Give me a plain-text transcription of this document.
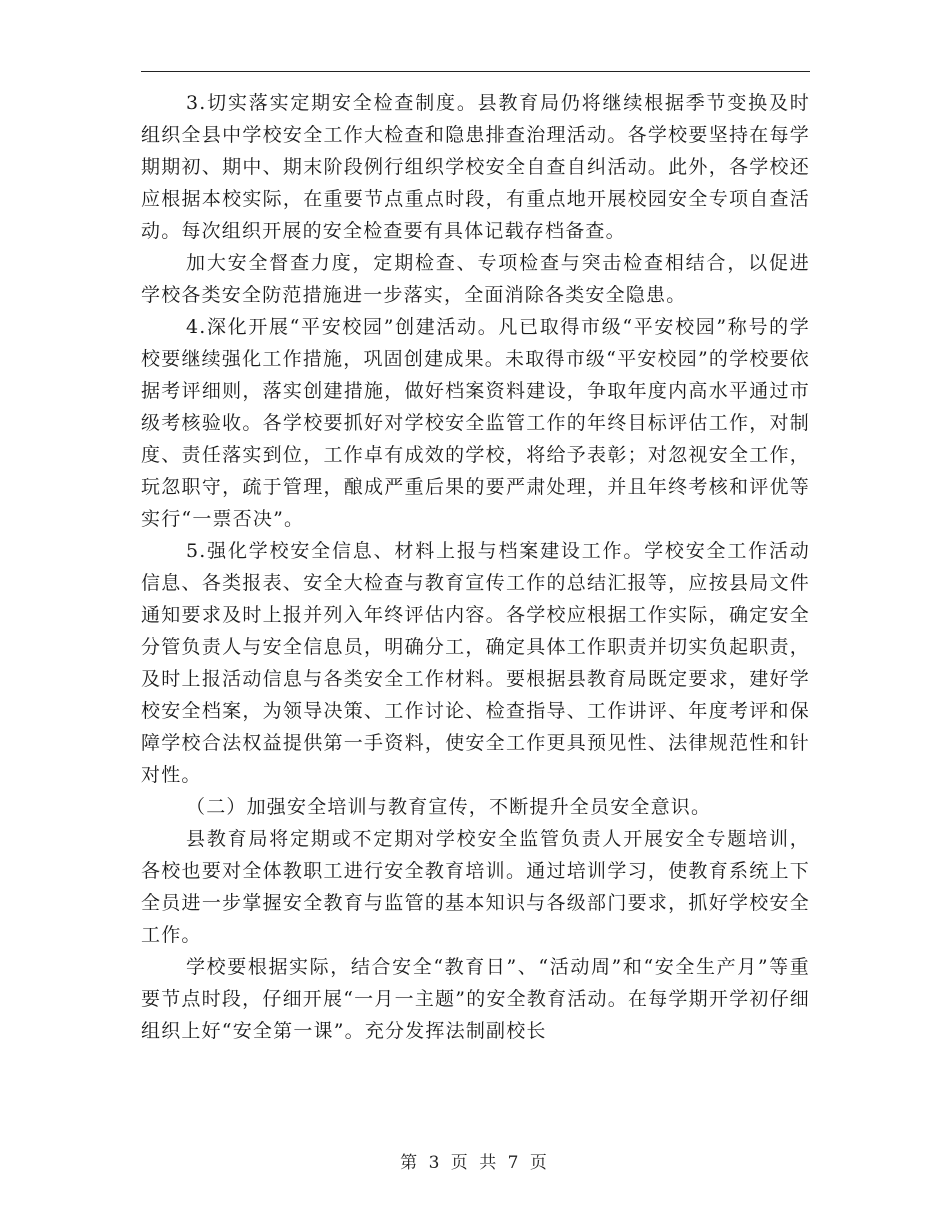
3.切实落实定期安全检查制度。县教育局仍将继续根据季节变换及时组织全县中学校安全工作大检查和隐患排查治理活动。各学校要坚持在每学期期初、期中、期末阶段例行组织学校安全自查自纠活动。此外，各学校还应根据本校实际，在重要节点重点时段，有重点地开展校园安全专项自查活动。每次组织开展的安全检查要有具体记载存档备查。

加大安全督查力度，定期检查、专项检查与突击检查相结合，以促进学校各类安全防范措施进一步落实，全面消除各类安全隐患。

4.深化开展“平安校园”创建活动。凡已取得市级“平安校园”称号的学校要继续强化工作措施，巩固创建成果。未取得市级“平安校园”的学校要依据考评细则，落实创建措施，做好档案资料建设，争取年度内高水平通过市级考核验收。各学校要抓好对学校安全监管工作的年终目标评估工作，对制度、责任落实到位，工作卓有成效的学校，将给予表彰；对忽视安全工作，玩忽职守，疏于管理，酿成严重后果的要严肃处理，并且年终考核和评优等实行“一票否决”。

5.强化学校安全信息、材料上报与档案建设工作。学校安全工作活动信息、各类报表、安全大检查与教育宣传工作的总结汇报等，应按县局文件通知要求及时上报并列入年终评估内容。各学校应根据工作实际，确定安全分管负责人与安全信息员，明确分工，确定具体工作职责并切实负起职责，及时上报活动信息与各类安全工作材料。要根据县教育局既定要求，建好学校安全档案，为领导决策、工作讨论、检查指导、工作讲评、年度考评和保障学校合法权益提供第一手资料，使安全工作更具预见性、法律规范性和针对性。

（二）加强安全培训与教育宣传，不断提升全员安全意识。

县教育局将定期或不定期对学校安全监管负责人开展安全专题培训，各校也要对全体教职工进行安全教育培训。通过培训学习，使教育系统上下全员进一步掌握安全教育与监管的基本知识与各级部门要求，抓好学校安全工作。

学校要根据实际，结合安全“教育日”、“活动周”和“安全生产月”等重要节点时段，仔细开展“一月一主题”的安全教育活动。在每学期开学初仔细组织上好“安全第一课”。充分发挥法制副校长

第 3 页 共 7 页
